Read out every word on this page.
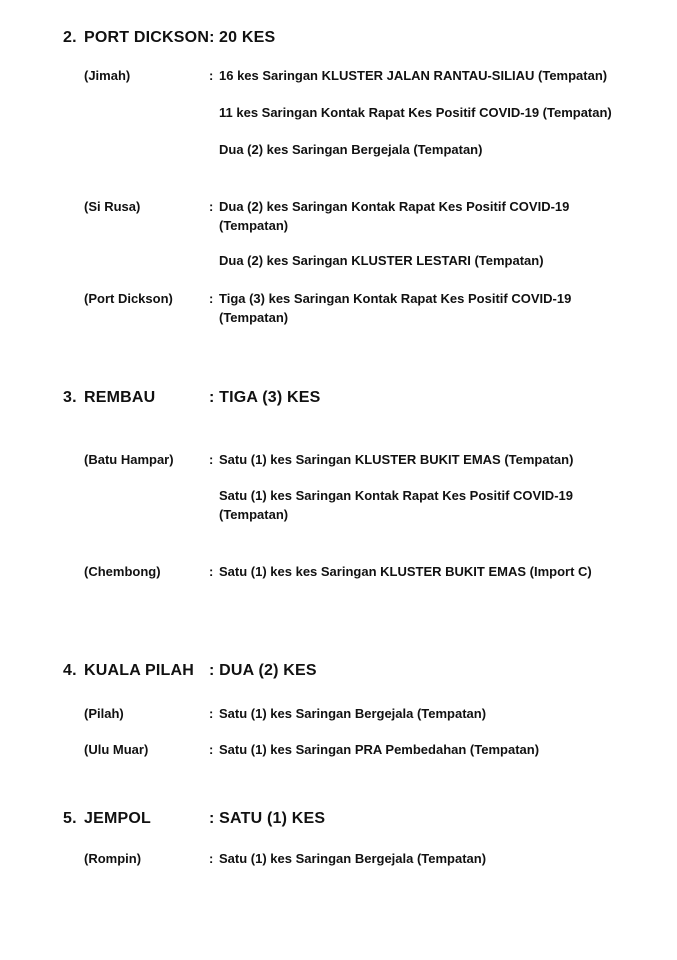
2. PORT DICKSON: 20 KES
(Jimah)	: 16 kes Saringan KLUSTER JALAN RANTAU-SILIAU (Tempatan)
11 kes Saringan Kontak Rapat Kes Positif COVID-19 (Tempatan)
Dua (2) kes Saringan Bergejala (Tempatan)
(Si Rusa)	: Dua (2) kes Saringan Kontak Rapat Kes Positif COVID-19
(Tempatan)
Dua (2) kes Saringan KLUSTER LESTARI (Tempatan)
(Port Dickson)	: Tiga (3) kes Saringan Kontak Rapat Kes Positif COVID-19
(Tempatan)
3. REMBAU	: TIGA (3) KES
(Batu Hampar)	: Satu (1) kes Saringan KLUSTER BUKIT EMAS (Tempatan)
Satu (1) kes Saringan Kontak Rapat Kes Positif COVID-19
(Tempatan)
(Chembong)	: Satu (1) kes kes Saringan KLUSTER BUKIT EMAS (Import C)
4. KUALA PILAH : DUA (2) KES
(Pilah)	: Satu (1) kes Saringan Bergejala (Tempatan)
(Ulu Muar)	: Satu (1) kes Saringan PRA Pembedahan (Tempatan)
5. JEMPOL	: SATU (1) KES
(Rompin)	: Satu (1) kes Saringan Bergejala (Tempatan)
